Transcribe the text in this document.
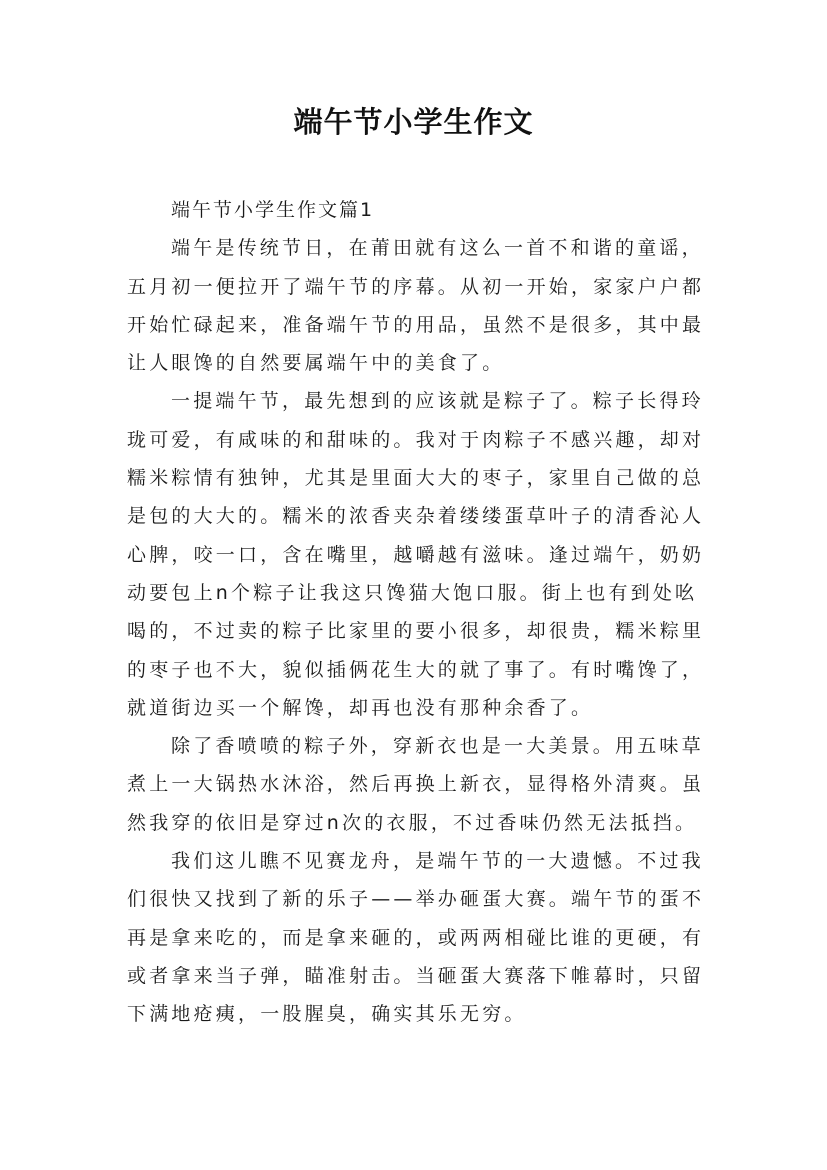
端午节小学生作文
端午节小学生作文篇1
端午是传统节日，在莆田就有这么一首不和谐的童谣，
五月初一便拉开了端午节的序幕。从初一开始，家家户户都
开始忙碌起来，准备端午节的用品，虽然不是很多，其中最
让人眼馋的自然要属端午中的美食了。
一提端午节，最先想到的应该就是粽子了。粽子长得玲
珑可爱，有咸味的和甜味的。我对于肉粽子不感兴趣，却对
糯米粽情有独钟，尤其是里面大大的枣子，家里自己做的总
是包的大大的。糯米的浓香夹杂着缕缕蛋草叶子的清香沁人
心脾，咬一口，含在嘴里，越嚼越有滋味。逢过端午，奶奶
动要包上n个粽子让我这只馋猫大饱口服。街上也有到处吆
喝的，不过卖的粽子比家里的要小很多，却很贵，糯米粽里
的枣子也不大，貌似插俩花生大的就了事了。有时嘴馋了，
就道街边买一个解馋，却再也没有那种余香了。
除了香喷喷的粽子外，穿新衣也是一大美景。用五味草
煮上一大锅热水沐浴，然后再换上新衣，显得格外清爽。虽
然我穿的依旧是穿过n次的衣服，不过香味仍然无法抵挡。
我们这儿瞧不见赛龙舟，是端午节的一大遗憾。不过我
们很快又找到了新的乐子——举办砸蛋大赛。端午节的蛋不
再是拿来吃的，而是拿来砸的，或两两相碰比谁的更硬，有
或者拿来当子弹，瞄准射击。当砸蛋大赛落下帷幕时，只留
下满地疮痍，一股腥臭，确实其乐无穷。
